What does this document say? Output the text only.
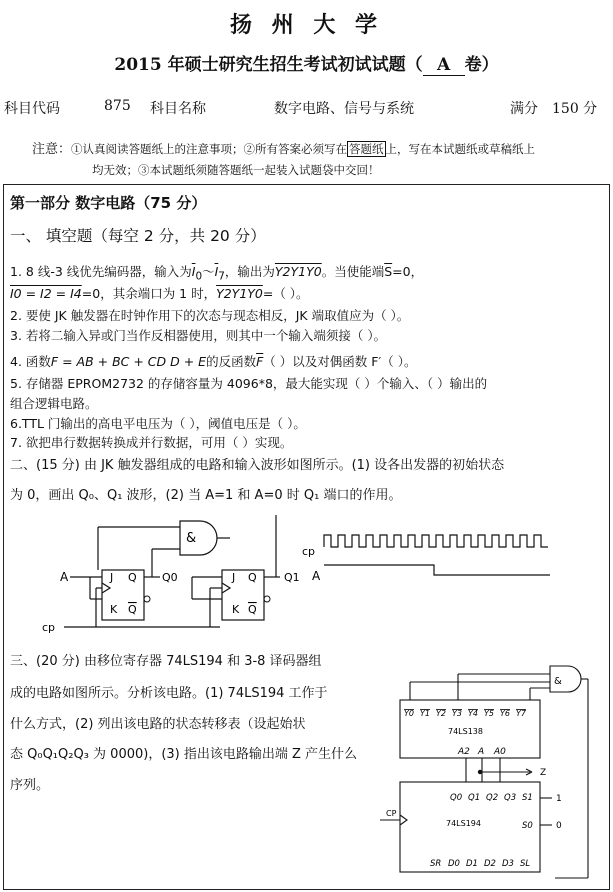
扬 州 大 学
2015 年硕士研究生招生考试初试试题（ A 卷）
科目代码	875 科目名称	数字电路、信号与系统	满分 150 分
注意：①认真阅读答题纸上的注意事项；②所有答案必须写在 答题纸 上，写在本试题纸或草稿纸上
均无效；③本试题纸须随答题纸一起装入试题袋中交回！
第一部分 数字电路（75 分）
一、 填空题（每空 2 分，共 20 分）
1. 8 线-3 线优先编码器，输入为$\overline{I}_0\sim\overline{I}_7$，输出为Y2Y1Y0。当使能端$\overline{S}=0$，
I0 = I2 = I4=0，其余端口为 1 时，Y2Y1Y0=（ ）。
2. 要使 JK 触发器在时钟作用下的次态与现态相反，JK 端取值应为（ ）。
3. 若将二输入异或门当作反相器使用，则其中一个输入端须接（ ）。
4. 函数F = AB + BC + CD D + E的反函数$\overline{F}$（ ）以及对偶函数 F′（ ）。
5. 存储器 EPROM2732 的存储容量为 4096*8，最大能实现（ ）个输入、（ ）输出的
组合逻辑电路。
6.TTL 门输出的高电平电压为（ ），阈值电压是（ ）。
7. 欲把串行数据转换成并行数据，可用（ ）实现。
二、(15 分) 由 JK 触发器组成的电路和输入波形如图所示。(1) 设各出发器的初始状态
为 0，画出 Q₀、Q₁ 波形，(2) 当 A=1 和 A=0 时 Q₁ 端口的作用。
&
J
K
Q
Q
J
K
Q
Q
A
cp
Q0	Q1
cp
A
三、(20 分) 由移位寄存器 74LS194 和 3-8 译码器组
成的电路如图所示。分析该电路。(1) 74LS194 工作于
什么方式，(2) 列出该电路的状态转移表（设起始状
态 Q₀Q₁Q₂Q₃ 为 0000)，(3) 指出该电路输出端 Z 产生什么
序列。
&
Y0 Y1 Y2 Y3 Y4 Y5 Y6 Y7
74LS138
A2 A A0
Z
Q0 Q1 Q2 Q3 S1
S0
1
0
74LS194
CP
SR D0 D1 D2 D3 SL
